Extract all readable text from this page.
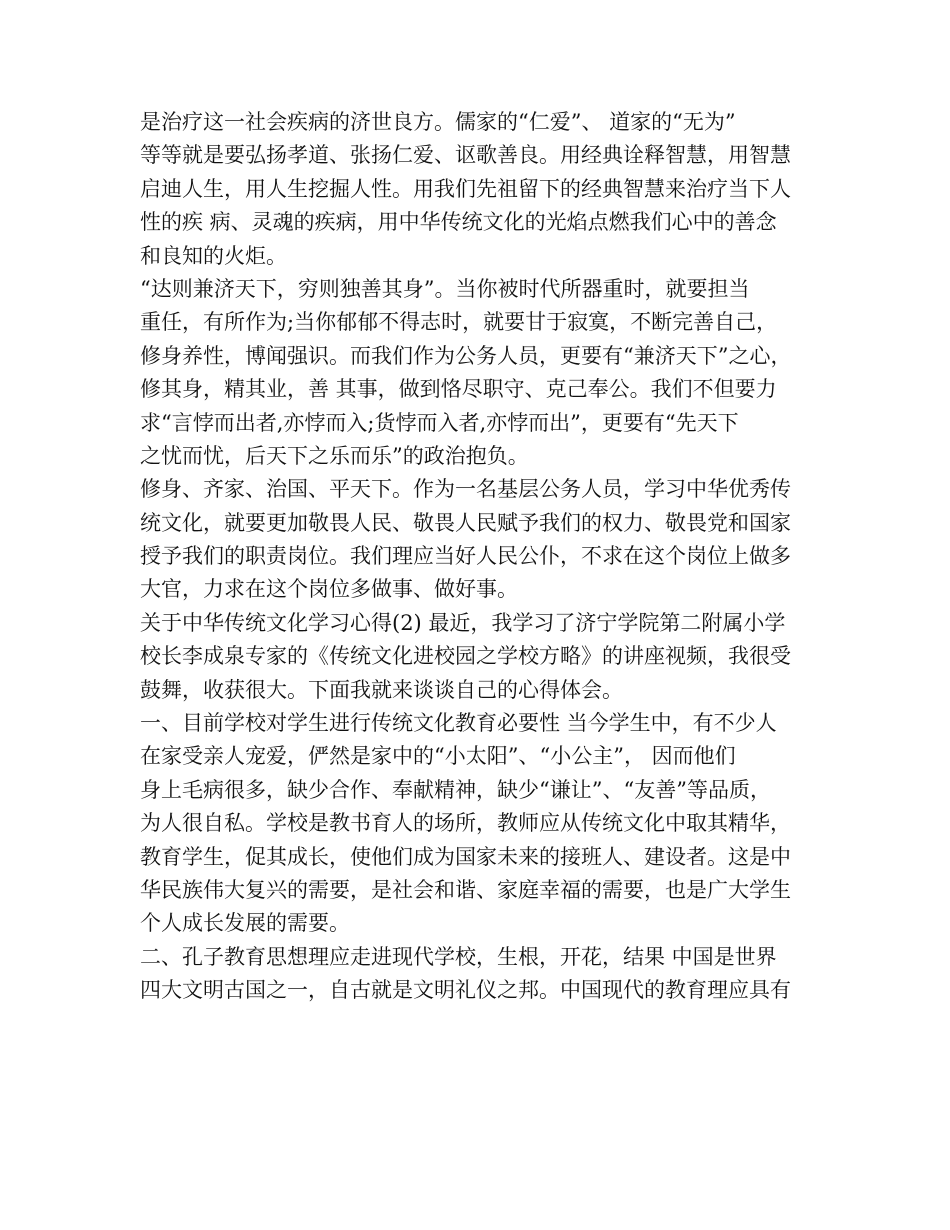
是治疗这一社会疾病的济世良方。儒家的“仁爱”、 道家的“无为”
等等就是要弘扬孝道、张扬仁爱、讴歌善良。用经典诠释智慧，用智慧
启迪人生，用人生挖掘人性。用我们先祖留下的经典智慧来治疗当下人
性的疾 病、灵魂的疾病，用中华传统文化的光焰点燃我们心中的善念
和良知的火炬。
“达则兼济天下，穷则独善其身”。当你被时代所器重时，就要担当
重任，有所作为;当你郁郁不得志时，就要甘于寂寞，不断完善自己，
修身养性，博闻强识。而我们作为公务人员，更要有“兼济天下”之心，
修其身，精其业，善 其事，做到恪尽职守、克己奉公。我们不但要力
求“言悖而出者,亦悖而入;货悖而入者,亦悖而出”，更要有“先天下
之忧而忧，后天下之乐而乐”的政治抱负。
修身、齐家、治国、平天下。作为一名基层公务人员，学习中华优秀传
统文化，就要更加敬畏人民、敬畏人民赋予我们的权力、敬畏党和国家
授予我们的职责岗位。我们理应当好人民公仆，不求在这个岗位上做多
大官，力求在这个岗位多做事、做好事。
关于中华传统文化学习心得(2) 最近，我学习了济宁学院第二附属小学
校长李成泉专家的《传统文化进校园之学校方略》的讲座视频，我很受
鼓舞，收获很大。下面我就来谈谈自己的心得体会。
一、目前学校对学生进行传统文化教育必要性 当今学生中，有不少人
在家受亲人宠爱，俨然是家中的“小太阳”、“小公主”， 因而他们
身上毛病很多，缺少合作、奉献精神，缺少“谦让”、“友善”等品质，
为人很自私。学校是教书育人的场所，教师应从传统文化中取其精华，
教育学生，促其成长，使他们成为国家未来的接班人、建设者。这是中
华民族伟大复兴的需要，是社会和谐、家庭幸福的需要，也是广大学生
个人成长发展的需要。
二、孔子教育思想理应走进现代学校，生根，开花，结果 中国是世界
四大文明古国之一，自古就是文明礼仪之邦。中国现代的教育理应具有
